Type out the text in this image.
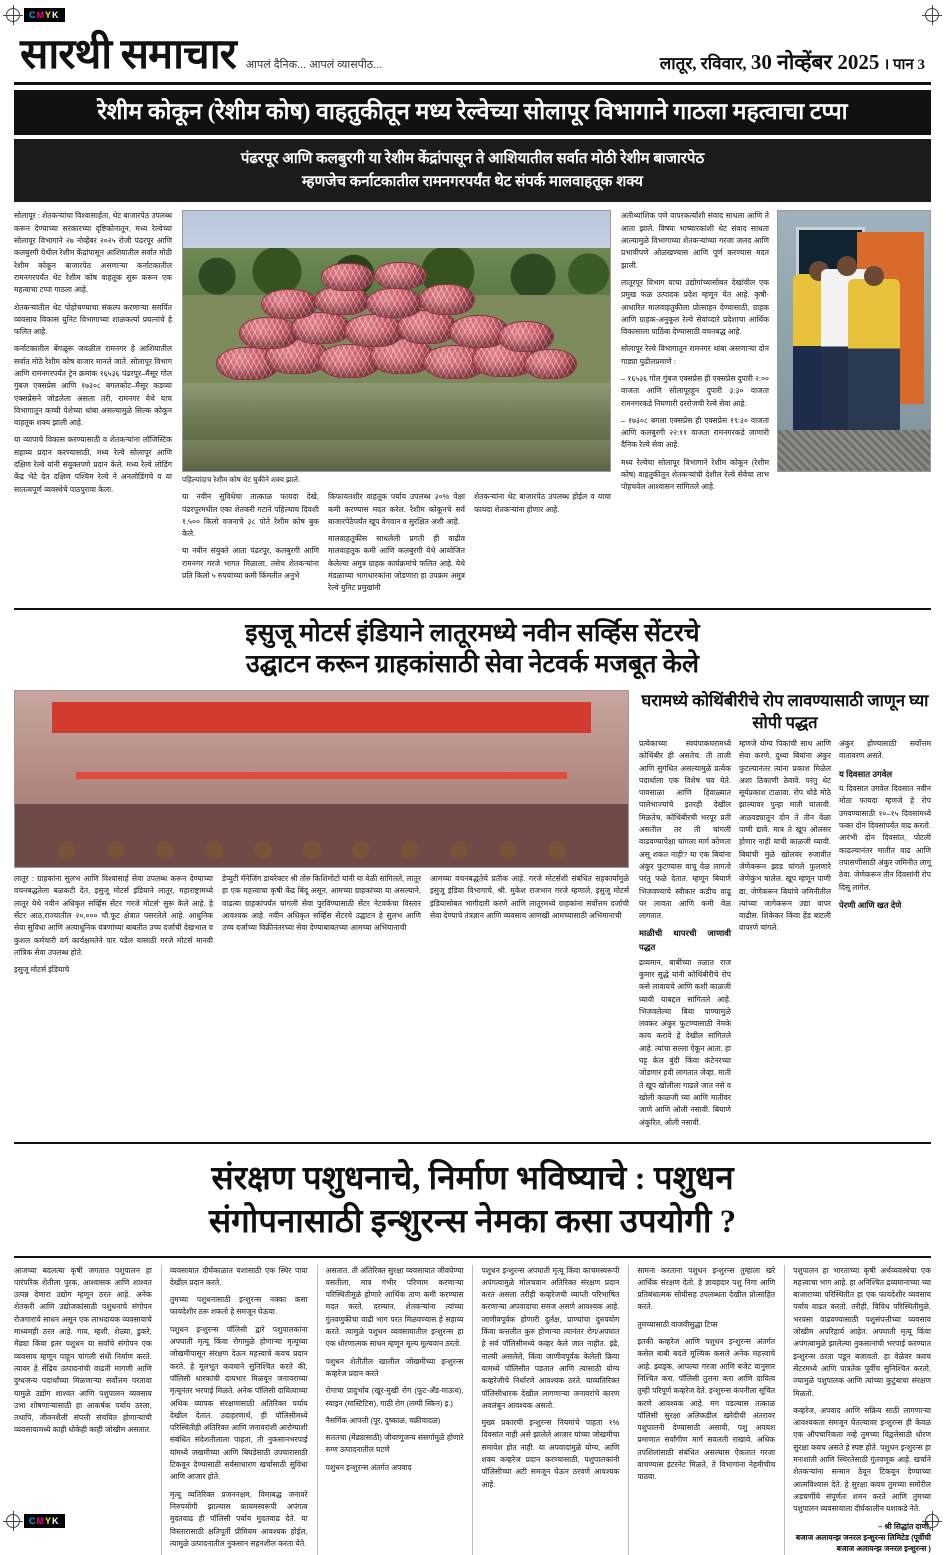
CMYK
CMYK
सारथी समाचार आपलं दैनिक... आपलं व्यासपीठ...	लातूर, रविवार, 30 नोव्हेंबर 2025 । पान 3
रेशीम कोकून (रेशीम कोष) वाहतुकीतून मध्य रेल्वेच्या सोलापूर विभागाने गाठला महत्वाचा टप्पा
पंढरपूर आणि कलबुरगी या रेशीम केंद्रांपासून ते आशियातील सर्वात मोठी रेशीम बाजारपेठ
म्हणजेच कर्नाटकातील रामनगरपर्यंत थेट संपर्क मालवाहतूक शक्य

सोलापूर : शेतकऱ्यांचा विश्वासार्हता, थेट बाजारपेठ उपलब्ध करून देण्याच्या सरकारच्या दृष्टिकोनातून, मध्य रेल्वेच्या सोलापूर विभागाने २७ नोव्हेंबर २०२५ रोजी पंढरपूर आणि कलबुरगी येथील रेशीम केंद्रांपासून आशियातील सर्वात मोठी रेशीम कोकून बाजारपेठ असणाऱ्या कर्नाटकातील रामनगरपर्यंत थेट रेशीम कोष वाहतूक सुरू करून एक महत्वाचा टप्पा गाठला आहे.

शेतकऱ्यांतील थेट पोहोचण्याचा संकल्प करणाऱ्या समर्पित व्यवसाय विकास युनिट विभागाच्या शाळकर्त्या प्रयत्नांचे हे फलित आहे.

कर्नाटकातील बेंगळूरू जवळील रामनगर हे आशियातील सर्वात मोठे रेशीम कोष वाजार मानले जाते. सोलापूर विभाग आणि रामनगरपर्यंत ट्रेन क्रमांक १६५३६ पंढरपूर–मैसूर गोल गुंबज एक्सप्रेस आणि १७३०८ बगलकोट–मैसूर कडव्या एक्सप्रेसने जोडलेला असला तरी, रामनगर येथे याच विभागातून कच्ची पेशेच्या थांबा असल्यामुळे सिल्क कोकून वाहतूक शक्य झाली आहे.

या व्यापाचे विकास करण्यासाठी व शेतकऱ्यांना लॉजिस्टिक सहाय्य प्रदान करण्यासाठी, मध्य रेल्वे सोलापूर आणि दक्षिण रेल्वे यांनी संयुक्तपणे प्रदान केले. मध्य रेल्वे लोडिंग केंद्र भेटे देत दक्षिण पश्चिम रेल्वे ने अनलोडिंगचे व या सातत्यपूर्ण व्यवस्थेचे पाठपुरावा केला.

पहिल्यांदाच रेशीम कोष थेट चुकीने शक्य झाले.

या नवीन सुविधेचा तात्काळ फायदा देखे, पंढरपूरमधील एका शेतकरी गटाने पहिल्याच दिवशी १,५०० किलो वजनाचे ३८ पोते रेशीम कोष बुक केले.

या नवीन संयुक्ते आता पंढरपूर, कलबुरगी आणि रामनगर गरजे भागत मिळाला, तसेच शेतकऱ्यांना प्रति किलो ५ रुपयांच्या कमी किंमतीत अनुभे

किफायतशीर वाहतूक पर्याय उपलब्ध ३०% पेक्षा कमी करण्यास मदत करेल. रेशीम कोकूनचे सर्व बाजारपेठेपर्यंत खूप वेगवान व सुरक्षित अशी आहे.

मालवाहतूकीस साधलेली प्रगती ही वाढीव मालवाहतूक कमी आणि कलबुरगी येथे आयोजित केलेल्या अमुत्र ग्राहक कार्यक्रमांचे फलित आहे. येथे मंडळाच्या भागधारकांना जोडणारा हा उपक्रम अमुत्र रेल्वे युनिट प्रमुखांनी

शेतकऱ्यांना थेट बाजारपेठ उपलब्ध होईल व याचा फायदा शेतकऱ्यांना होणार आहे.

अतीथ्यांशिक पणे वापरकर्त्यांशी संवाद साधला आणि ते आता झाले. विषयः भाष्यारकांशी थेट संवाद साधता आल्यामुळे विभागाच्या शेतकऱ्यांच्या गरजा जलद आणि प्रभावीपणे ओळखण्यास आणि पूर्ण करण्यास मदत झाली.

लातूरपूर विभाग याचा उद्योगांच्यासोबत देखांवील एक प्रमुख फळ उत्पादक प्रदेश म्हणून येत आहे. कृषी-आधारित मालवाहतुकीला प्रोत्साहन देण्यासाठी, ग्राहक आणि ग्राहक-अनुकूल रेल्वे सेवांव्दारे प्रदेशाचा आर्थिक विकासाला पाठिंबा देण्यासाठी वचनबद्ध आहे.

सोलापूर रेल्वे विभागातून रामनगर थांबा असणाऱ्या दोन गाड्या पुढीलप्रमाणे :

– १६५३६ गोल गुंबज एक्सप्रेस ही एक्सप्रेस दुपारी २:०० वाजता आणि सोलापूरहून दुपारी ३:३० वाजता रामनगरकडे निघणारी दररोजची रेल्वे सेवा आहे.

– १७३०८ बगला एक्सप्रेस ही एक्सप्रेस १९:३० वाजता आणि कलबुरगी २२:११ वाजता रामनगरकडे जाणारी दैनिक रेल्वे सेवा आहे.

मध्य रेल्वेचा सोलापूर विभागाने रेशीम कोकून (रेशीम कोष) वाहतुकीतून शेतकऱ्यांची देशील रेल्वे सेवेचा लाभ पोहचवेल आश्वासन सांगितले आहे.

इसुजू मोटर्स इंडियाने लातूरमध्ये नवीन सर्व्हिस सेंटरचे
उद्घाटन करून ग्राहकांसाठी सेवा नेटवर्क मजबूत केले

लातूर : ग्राहकांना सुलभ आणि विश्वासार्ह सेवा उपलब्ध करून देण्याच्या वचनबद्धतेला बळकटी देत, इसुजू मोटर्स इंडियाने लातूर, महाराष्ट्रामध्ये लातूर येथे नवीन अधिकृत सर्व्हिस सेंटर 'गरजे मोटर्स' सुरू केले आहे. हे सेंटर आठ,राज्यातील २०,००० चौ.फूट क्षेत्रात पसरलेले आहे. आधुनिक सेवा सुविधा आणि अत्याधुनिक यंत्रणांच्या बाबतीत उच्च दर्जाची देखभाल व कुशल कर्मचारी वर्ग कार्यक्षमतेने पार पडेल यासाठी गरजे मोटर्स मानवी तांत्रिक सेवा उपलब्ध होते.

इसुजू मोटर्स इंडियाचे

डेप्युटी मॅनेजिंग डायरेक्टर श्री तोरु किशिमोटो यांनी या वेळी सांगितले, लातूर हा एक महत्त्वाचा कृषी केंद्र बिंदू असून, आमच्या ग्राहकांच्या या असल्याने, वाढत्या ग्राहकांपर्यंत चांगली सेवा पुरविण्यासाठी सेंटर नेटवर्कचा विस्तार आवश्यक आहे. नवीन अधिकृत सर्व्हिस सेंटरचे उद्घाटन हे सुलभ आणि उच्च दर्जाच्या विक्रीनंतरच्या सेवा देण्याबाबतच्या आमच्या अभियानाची

आमच्या वचनबद्धतेचे प्रतीक आहे. गरजे मोटर्सशी संबंधित सहकार्यांमुळे इसुजू इंडिया विभागाचे, श्री. मुकेश राजभान गरजे म्हणाले, इसुजू मोटर्स इंडियासोबत भागीदारी करणे आणि लातूरमध्ये ग्राहकांना सर्वोत्तम दर्जाची सेवा देण्याचे तंत्रज्ञान आणि व्यवसाय आणखी आमच्यासाठी अभिमानाची

घरामध्ये कोथिंबीरीचे रोप लावण्यासाठी जाणून घ्या सोपी पद्धत

प्रत्येकाच्या स्वयंपाकघरामध्ये कोथिंबीर ही असतेच. ती ताजी आणि सुगंधित असल्यामुळे प्रत्येक पदार्थाला एक विशेष चव येते. पावसाळा आणि हिवाळ्यात पालेभाज्यांचे इतरही देखील मिळतेच, कोथिंबीरची भरपूर प्रती असतील तर ती चांगली वाढवण्यापेक्षा चांगला मार्ग कोणता असू शकत नाही? या एक बियांना अंकुर फुटण्यास वाचू वेळ लागतो परंतु फळे देतात. म्हणून बियाणे भिजवण्याचे स्वीकार कडीच वाढू घर लावता आणि कमी वेळ लागतात.

माळीची थापरची जाणावी पद्धत

द्रव्यमान, बाबींच्या तळात राज कुमार सुद्धे यांनी कोथिंबीरीचे रोप कसे लावायचे आणि कशी काळजी घ्यावी याबद्दल सांगितले आहे. भिजवलेल्या बिया पाण्यामुळे लवकर अंकुर फुटण्यासाठी नेमके काय करावे हे देखील सांगितले आहे. त्यांचा सल्ला ऐकून आता, हा घट्ट केल बुंदी किंवा कंटेनरच्या जोडणार हवी लागतात जेव्हा. माती ते खूप खोलीला गाढले जात नसे व खोली काळजी घ्या आणि मातीवर जाणे आणि ओली नसावी. बियाणे अंकुरित, ओली नसावी.

म्हणजे योग्य पिकांची साथ आणि सेवा करणे. दुध्या बियांना अंकुर फुटल्यानंतर त्यांना प्रकाश मिळेल अशा ठिकाणी ठेवावे. परंतु थेट सूर्यप्रकाश टाळावा. रोप थोडे मोठे झाल्यावर पुन्हा माती घालावी. आठवड्यातून दोन ते तीन वेळा पाणी द्यावे. मात्र ते खूप ओलसर होणार नाही याची काळजी घ्यावी. बियांची मुळे खोलवर रुजावीत जेणेकरून झाड चांगले फुलणारे जेणेकुंभ चालेल. खूप म्हणून पाणी द्या, जेणेकरून बियांचे जमिनीतील त्यांच्या जागेकरून उद्या वापर वाढीस. शिकेकर किंवा हेंड बाटली वापरणे चांगले.

अंकुर होण्यासाठी सर्वोत्तम वातावरण असते.

य दिवसात उगवेल

य दिवसात उगवेल दिवसात नवीन मोठा फायदा म्हणजे हे रोप उगवण्यासाठी १०–१५ दिवसांमध्ये फक्त दोन दिवसांपर्यंत वाढ करतो. आरंभी दोन दिवसांत, पोटली काढल्यानंतर मातीत वाढ आणि तपासणीसाठी अंकुर जमिनीत लागू ठेवा. जेणेकरून तीन दिवसांनी रोप दिसू लागेल.

पेरणी आणि खत देणे
संरक्षण पशुधनाचे, निर्माण भविष्याचे : पशुधन
संगोपनासाठी इन्शुरन्स नेमका कसा उपयोगी ?

आजच्या बदलत्या कृषी जगतात पशुपालन हा पारंपरिक शेतीला पूरक, आश्वासक आणि शाश्वत उत्पन्न देणारा उद्योग म्हणून ठरत आहे. अनेक शेतकरी आणि उद्योजकांसाठी पशुधनाचे संगोपन रोजगाराचे साधन असून एक लाभदायक व्यवसायाचे माध्यमही ठरत आहे. गाय, म्हशी, शेळ्या, डुकरे, मेंढ्या किंवा इतर पशुधन या सर्वांचे संगोपन एक व्यवसाय म्हणून पाहून चांगली संधी निर्माण करते. त्यावर हे सेंद्रिय उत्पादनांची वाढती मागणी आणि दुग्धजन्य पदार्थांच्या मिळणाऱ्या सर्वोत्तम परतावा यामुळे उद्योग शाश्वत आणि पशुपालन व्यवसाय उभा शोषणार्‍यासाठी हा आकर्षक पर्याय ठरला, तथापि, जीवनशैली संपत्ती संचयित होणाऱ्यांची व्यवसायामध्ये काही धोकेही काही जोखीम असतात.

व्यवसायात दीर्घकाळात यशासाठी एक स्थिर पाया देखील प्रदान करते.

तुमच्या पशुधनासाठी इन्शुरन्स नक्का कसा फायदेशीर ठरू शकतो हे समजून घेऊया.

पशुधन इन्शुरन्स पॉलिसी द्वारे पशुपालकांना अपघाती मृत्यू किंवा रोगामुळे होणाऱ्या मृत्यूच्या जोखमीपासून संरक्षण देऊन महत्त्वाचे कवच प्रदान करते. हे मूलभूत कवचाने सुनिश्चित करते की, पॉलिसी धारकांची दायभार मिळवून जनावराच्या मृत्यूनंतर भरपाई मिळते. अनेक पॉलिसी दायित्वाच्या अधिक व्यापक संरक्षणासाठी अतिरिक्त पर्याय देखील देतात. उदाहरणार्थ, ही पॉलिसीमध्ये परिस्थितीही अंतिरिक्त आणि जनावरांशी आरोग्याशी संबंधित संदेशतीलाला पाहता, ती नुकसानभरपाई यांमध्ये जखमीच्या आणि बिघडेसाठी उपचारासाठी टिकवून देण्यासाठी सर्वसाधारण खर्चासाठी सुविधा आणि आजार होते.

मृत्यू व्यतिरिक्त प्रजननक्षम, विमाबद्ध जनावरे निरुपयोगी झाल्यास कायमस्वरूपी अपंगत्व मुदतवाढ ही पॉलिसी पर्याय मुदतवाढ देते. या विस्तारासाठी क्षतिपूर्ती प्रीमियम आवश्यक होईल, त्यामुळे उत्पादनातील नुकसान सहनशील करता येते.

असतात. ती अंतिरिक्त सुरक्षा व्यवसायात जीवघेण्या वसतीला, मात्र गंभीर परिणाम करणाऱ्या परिस्थितीमुळे होणारे आर्थिक ताण कमी करण्यास मदत करते. दरम्यान, शेतकऱ्यांना त्यांच्या गुंतवणुकीचा वाढी भाग परत मिळवण्यास हे सहाय्य करते. त्यामुळे पशुधन व्यवसायातील इन्शुरन्स हा एक धोरणात्मक साधन म्हणून मूल्य मूल्यवान ठरतो.

पशुधन शेतीतील खालील जोखमीच्या इन्शुरन्स कव्हरेज प्रदान करते

रोगाचा प्रादुर्भाव (खूर-मुखी रोग (फूट-अँड-माऊथ), स्वाइन (मास्टिटिस), गाठी रोग (लम्पी स्किन) इ.)

नैसर्गिक आपत्ती (पूर, दुष्काळ, चक्रीवादळ)

सततचा (मेंढ्यासाठी) जीवाणूजन्य संसर्गामुळे होणारे रुग्ण उत्पादनातील घटणे

पशुधन इन्शुरन्स अंतर्गत अपवाद

पशुधन इन्शुरन्स अपघाती मृत्यू किंवा काचमस्वरूपी अपंगत्वामुळे मोलचवान अतिरिक्त संरक्षण प्रदान करत असला तरीही कव्हरेजची व्याप्ती परिभाषित करणाऱ्या अपवादाचा समज असणे आवश्यक आहे. जाणीवपूर्वक होणारी दुर्लक्ष, प्राण्यांचा दुरुपयोग किंवा कत्तलीत कुरु होणाऱ्या त्यानंतर रोग/अपघात हे सर्व पॉलिसीमध्ये कव्हर केले जात नाहीत. इंद्रे, नाल्यी असलेले, किंवा जाणीवपूर्वक केलेली क्रिया यामध्ये पॉलिसीत पडतात आणि त्यासाठी योग्य कव्हरेजीचे निर्धारणे आवश्यक ठरते. याव्यतिरिक्त पॉलिसीधारक देखील लागणाऱ्या जनावरांचे कारण अवलंबून आवश्यक असतो.

मुख्य प्रकारची इन्शुरन्स नियमांचे पाहता १% दिवसांत नाही असे झालेले आजार यांच्या जोखमीचा समावेश होत नाही. या अपवादांमुळे योग्य, आणि शक्य कव्हरेज प्रदान करण्यासाठी, पशुपालकांनी पॉलिसीच्या अटी समजून घेऊन ठरवणे आवश्यक आहे.

सामना करताना पशुधन इन्शुरन्स तुम्हाला खरे आर्थिक संरक्षण देतो. हे ज्ञावहदार पशु निगा आणि प्रतिबंधात्मक सोयीसह उपलब्धता देखील प्रोत्साहित करते.

तुमच्यासाठी वाजवीसुद्धा टिप्स

इतकी कव्हरेज आणि पशुधन इन्शुरन्स अंतर्गत कसेल बाबी बदले मूल्यिक कसले अनेक महत्त्वाचे आहे. झ्वड्क, आपल्या गरजा आणि बजेट यानुसार निश्चित करा. पॉलिसी तुलना करा आणि दायित्व तुम्ही परिपूर्ण कव्हरेज देते. इन्शुरन्स कंपनीला सूचित करणे आवश्यक आहे. मग पडल्यास तत्काळ पॉलिसी सुरक्षा अलिकडील खरेदीची अंतरावर पशुपालनी देण्यासाठी असावी, पशु अपयश प्रमाणात सर्वांगीण मार्ग सवलती राखावे. अधिक तपशिलांसाठी संबंधित असल्यास ऐकतात गरजा वाचण्यास इंटरनेट मिळते, ते विभागांना नेहमीचीच पाठवा.

पशुपालन हा भारताच्या कृषी अर्थव्यवस्थेचा एक महत्त्वाचा भाग आहे. हा अनिश्चित द्रव्यमानाच्या च्या बाजाराच्या परिस्थितीत हा एक फायदेशीर व्यवसाय पर्याय वाढत करतो. तरीही, विविध परिस्थितीमुळे, भरवसा वाढवण्यासाठी पशुसंपत्तीच्या व्यवसाय जोखीम अपरिहार्य आहेत. अपघाती मृत्यू किंवा अपंगत्वामुळे झालेल्या नुकसानांची भरपाई करण्यात इन्शुरन्स ठरता पडून बजावतो. हा वेळेवर कवच सेंटरमध्ये आणि पात्रतेक पूर्वीच सुनिश्चित करतो, ज्यामुळे पशुपालक आणि त्यांच्या कुटुंबाचा संरक्षण मिळतो.

कव्हरेज, अपवाद आणि सक्रिय साठी लागणाऱ्या आवश्यकता समजून घेतल्यावर इन्शुरन्स ही केवळ एक औपचारिकता नव्हे तुमच्या विद्वत्तेसाठी धोरण सुरक्षा कवच असते हे स्पष्ट होते. पशुधन इन्शुरन्स हा मनःशांती आणि स्थिरतेसाठी गुंतवणूक आहे. खर्चाने शेतकऱ्यांना सन्मान ठेवून टिकवून देण्याच्या आत्मविश्वास देते. हे सुरक्षा कवच तुमच्या समोरील अडचणींचे संपूर्णतः शमन करते आणि तुमच्या पशुपालन व्यवसायाला दीर्घकालीन यशाकडे नेते.

– श्री सिद्धांत दाणी,
बजाज अलायन्झ जनरल इन्शुरन्स लिमिटेड (पूर्वीची
बजाज अलायन्झ जनरल इन्शुरन्स )
